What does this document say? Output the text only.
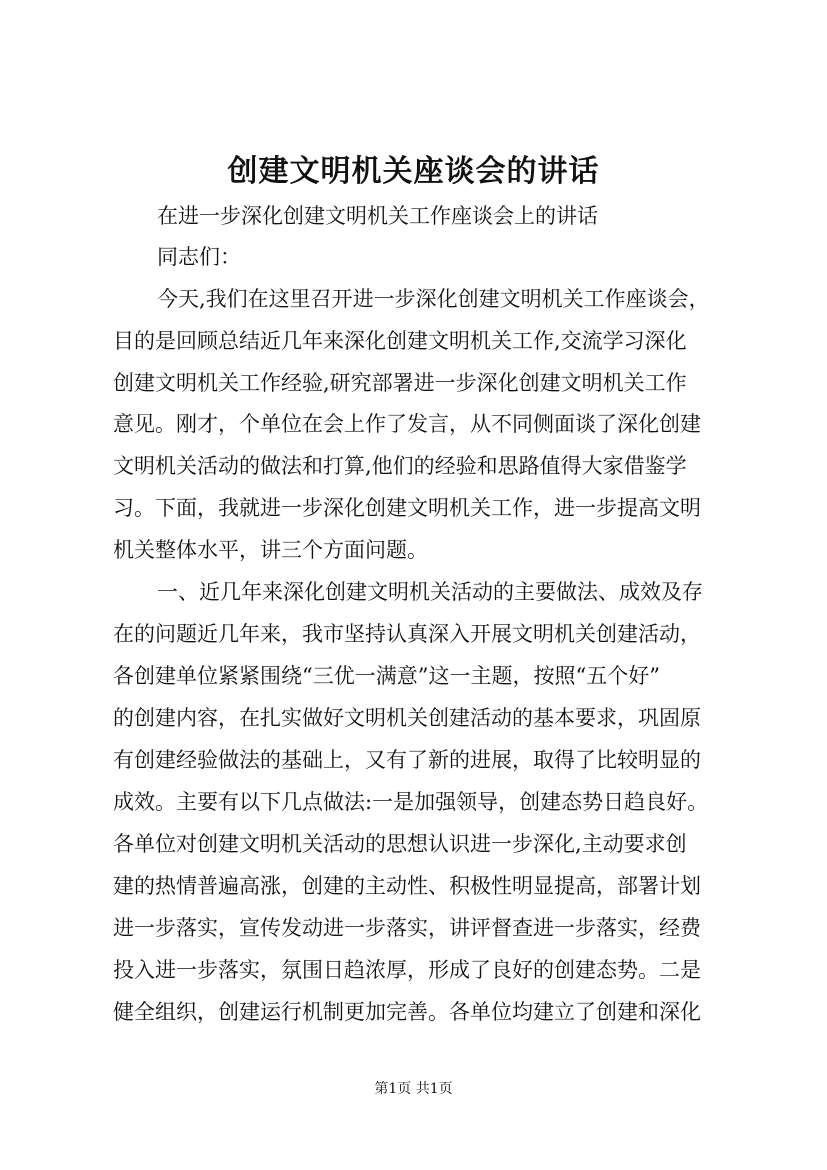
创建文明机关座谈会的讲话
在进一步深化创建文明机关工作座谈会上的讲话
同志们：
今天,我们在这里召开进一步深化创建文明机关工作座谈会，
目的是回顾总结近几年来深化创建文明机关工作,交流学习深化
创建文明机关工作经验,研究部署进一步深化创建文明机关工作
意见。刚才，个单位在会上作了发言，从不同侧面谈了深化创建
文明机关活动的做法和打算,他们的经验和思路值得大家借鉴学
习。下面，我就进一步深化创建文明机关工作，进一步提高文明
机关整体水平，讲三个方面问题。
一、近几年来深化创建文明机关活动的主要做法、成效及存
在的问题近几年来，我市坚持认真深入开展文明机关创建活动，
各创建单位紧紧围绕“三优一满意”这一主题，按照“五个好”
的创建内容，在扎实做好文明机关创建活动的基本要求，巩固原
有创建经验做法的基础上，又有了新的进展，取得了比较明显的
成效。主要有以下几点做法:一是加强领导，创建态势日趋良好。
各单位对创建文明机关活动的思想认识进一步深化,主动要求创
建的热情普遍高涨，创建的主动性、积极性明显提高，部署计划
进一步落实，宣传发动进一步落实，讲评督查进一步落实，经费
投入进一步落实，氛围日趋浓厚，形成了良好的创建态势。二是
健全组织，创建运行机制更加完善。各单位均建立了创建和深化
第1页 共1页
